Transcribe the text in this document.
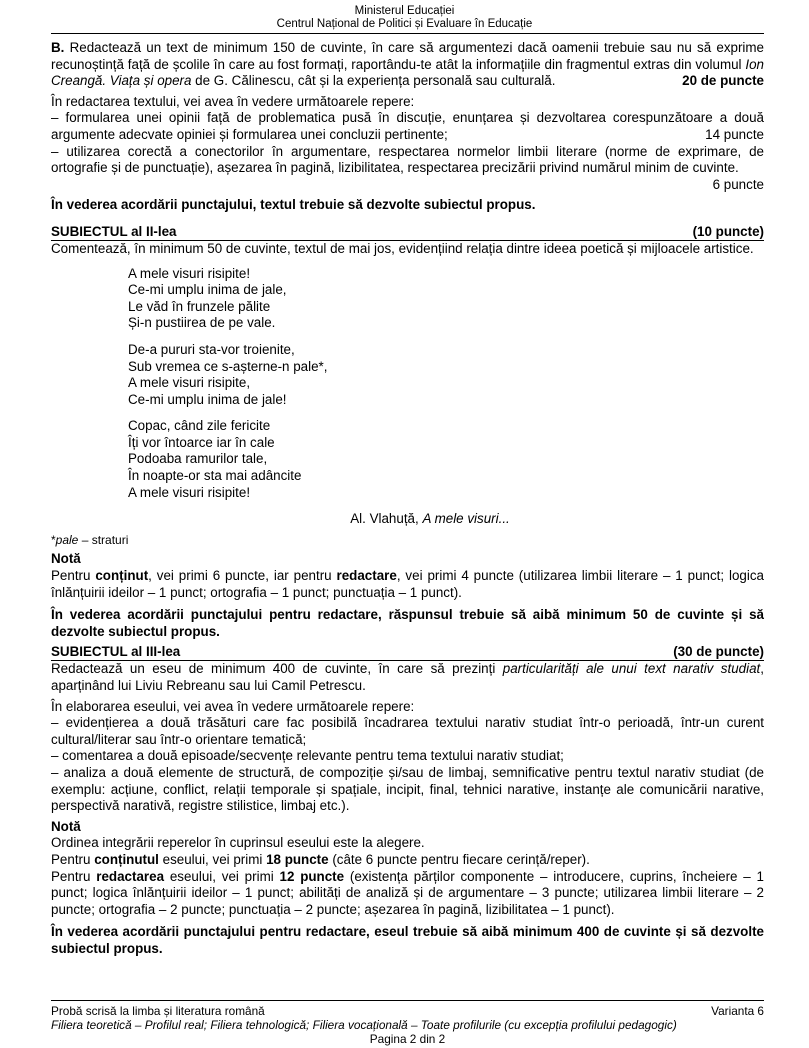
Ministerul Educației
Centrul Național de Politici și Evaluare în Educație

B. Redactează un text de minimum 150 de cuvinte, în care să argumentezi dacă oamenii trebuie sau nu să exprime recunoștință față de școlile în care au fost formați, raportându-te atât la informațiile din fragmentul extras din volumul Ion Creangă. Viața și opera de G. Călinescu, cât și la experiența personală sau culturală.	20 de puncte

În redactarea textului, vei avea în vedere următoarele repere:

– formularea unei opinii față de problematica pusă în discuție, enunțarea și dezvoltarea corespunzătoare a două argumente adecvate opiniei și formularea unei concluzii pertinente;	14 puncte

– utilizarea corectă a conectorilor în argumentare, respectarea normelor limbii literare (norme de exprimare, de ortografie și de punctuație), așezarea în pagină, lizibilitatea, respectarea precizării privind numărul minim de cuvinte.

6 puncte

În vederea acordării punctajului, textul trebuie să dezvolte subiectul propus.

SUBIECTUL al II-lea	(10 puncte)

Comentează, în minimum 50 de cuvinte, textul de mai jos, evidențiind relația dintre ideea poetică și mijloacele artistice.

A mele visuri risipite!
Ce-mi umplu inima de jale,
Le văd în frunzele pălite
Și-n pustiirea de pe vale.
De-a pururi sta-vor troienite,
Sub vremea ce s-așterne-n pale*,
A mele visuri risipite,
Ce-mi umplu inima de jale!
Copac, când zile fericite
Îți vor întoarce iar în cale
Podoaba ramurilor tale,
În noapte-or sta mai adâncite
A mele visuri risipite!
Al. Vlahuță, A mele visuri...
*pale – straturi
Notă

Pentru conținut, vei primi 6 puncte, iar pentru redactare, vei primi 4 puncte (utilizarea limbii literare – 1 punct; logica înlănțuirii ideilor – 1 punct; ortografia – 1 punct; punctuația – 1 punct).

În vederea acordării punctajului pentru redactare, răspunsul trebuie să aibă minimum 50 de cuvinte și să dezvolte subiectul propus.

SUBIECTUL al III-lea	(30 de puncte)

Redactează un eseu de minimum 400 de cuvinte, în care să prezinți particularități ale unui text narativ studiat, aparținând lui Liviu Rebreanu sau lui Camil Petrescu.

În elaborarea eseului, vei avea în vedere următoarele repere:

– evidențierea a două trăsături care fac posibilă încadrarea textului narativ studiat într-o perioadă, într-un curent cultural/literar sau într-o orientare tematică;

– comentarea a două episoade/secvențe relevante pentru tema textului narativ studiat;

– analiza a două elemente de structură, de compoziție și/sau de limbaj, semnificative pentru textul narativ studiat (de exemplu: acțiune, conflict, relații temporale și spațiale, incipit, final, tehnici narative, instanțe ale comunicării narative, perspectivă narativă, registre stilistice, limbaj etc.).

Notă

Ordinea integrării reperelor în cuprinsul eseului este la alegere.

Pentru conținutul eseului, vei primi 18 puncte (câte 6 puncte pentru fiecare cerință/reper).

Pentru redactarea eseului, vei primi 12 puncte (existența părților componente – introducere, cuprins, încheiere – 1 punct; logica înlănțuirii ideilor – 1 punct; abilități de analiză și de argumentare – 3 puncte; utilizarea limbii literare – 2 puncte; ortografia – 2 puncte; punctuația – 2 puncte; așezarea în pagină, lizibilitatea – 1 punct).

În vederea acordării punctajului pentru redactare, eseul trebuie să aibă minimum 400 de cuvinte și să dezvolte subiectul propus.

Probă scrisă la limba și literatura română	Varianta 6
Filiera teoretică – Profilul real; Filiera tehnologică; Filiera vocațională – Toate profilurile (cu excepția profilului pedagogic)
Pagina 2 din 2
